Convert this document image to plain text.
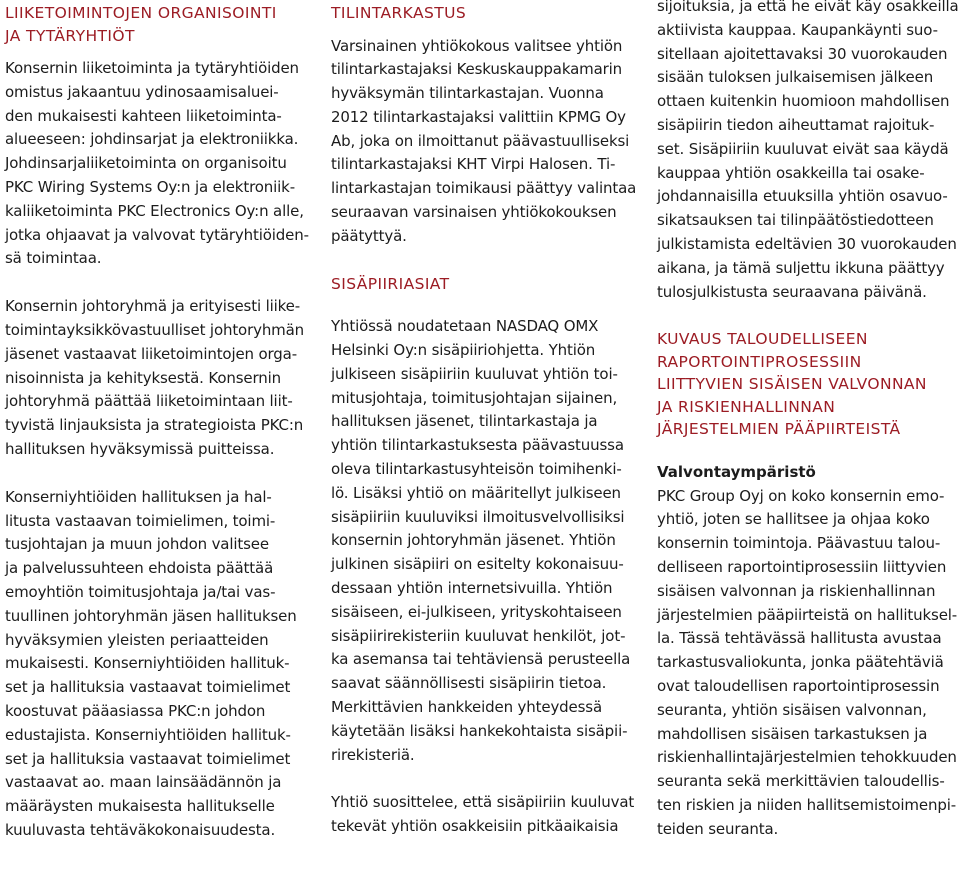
LIIKETOIMINTOJEN ORGANISOINTI
JA TYTÄRYHTIÖT
Konsernin liiketoiminta ja tytäryhtiöiden
omistus jakaantuu ydinosaamisaluei-
den mukaisesti kahteen liiketoiminta-
alueeseen: johdinsarjat ja elektroniikka.
Johdinsarjaliiketoiminta on organisoitu
PKC Wiring Systems Oy:n ja elektroniik-
kaliiketoiminta PKC Electronics Oy:n alle,
jotka ohjaavat ja valvovat tytäryhtiöiden-
sä toimintaa.
Konsernin johtoryhmä ja erityisesti liike-
toimintayksikkövastuulliset johtoryhmän
jäsenet vastaavat liiketoimintojen orga-
nisoinnista ja kehityksestä. Konsernin
johtoryhmä päättää liiketoimintaan liit-
tyvistä linjauksista ja strategioista PKC:n
hallituksen hyväksymissä puitteissa.
Konserniyhtiöiden hallituksen ja hal-
litusta vastaavan toimielimen, toimi-
tusjohtajan ja muun johdon valitsee
ja palvelussuhteen ehdoista päättää
emoyhtiön toimitusjohtaja ja/tai vas-
tuullinen johtoryhmän jäsen hallituksen
hyväksymien yleisten periaatteiden
mukaisesti. Konserniyhtiöiden hallituk-
set ja hallituksia vastaavat toimielimet
koostuvat pääasiassa PKC:n johdon
edustajista. Konserniyhtiöiden hallituk-
set ja hallituksia vastaavat toimielimet
vastaavat ao. maan lainsäädännön ja
määräysten mukaisesta hallitukselle
kuuluvasta tehtäväkokonaisuudesta.
TILINTARKASTUS
Varsinainen yhtiökokous valitsee yhtiön
tilintarkastajaksi Keskuskauppakamarin
hyväksymän tilintarkastajan. Vuonna
2012 tilintarkastajaksi valittiin KPMG Oy
Ab, joka on ilmoittanut päävastuulliseksi
tilintarkastajaksi KHT Virpi Halosen. Ti-
lintarkastajan toimikausi päättyy valintaa
seuraavan varsinaisen yhtiökokouksen
päätyttyä.
SISÄPIIRIASIAT
Yhtiössä noudatetaan NASDAQ OMX
Helsinki Oy:n sisäpiiriohjetta. Yhtiön
julkiseen sisäpiiriin kuuluvat yhtiön toi-
mitusjohtaja, toimitusjohtajan sijainen,
hallituksen jäsenet, tilintarkastaja ja
yhtiön tilintarkastuksesta päävastuussa
oleva tilintarkastusyhteisön toimihenki-
lö. Lisäksi yhtiö on määritellyt julkiseen
sisäpiiriin kuuluviksi ilmoitusvelvollisiksi
konsernin johtoryhmän jäsenet. Yhtiön
julkinen sisäpiiri on esitelty kokonaisuu-
dessaan yhtiön internetsivuilla. Yhtiön
sisäiseen, ei-julkiseen, yrityskohtaiseen
sisäpiirirekisteriin kuuluvat henkilöt, jot-
ka asemansa tai tehtäviensä perusteella
saavat säännöllisesti sisäpiirin tietoa.
Merkittävien hankkeiden yhteydessä
käytetään lisäksi hankekohtaista sisäpii-
rirekisteriä.
Yhtiö suosittelee, että sisäpiiriin kuuluvat
tekevät yhtiön osakkeisiin pitkäaikaisia
sijoituksia, ja että he eivät käy osakkeilla
aktiivista kauppaa. Kaupankäynti suo-
sitellaan ajoitettavaksi 30 vuorokauden
sisään tuloksen julkaisemisen jälkeen
ottaen kuitenkin huomioon mahdollisen
sisäpiirin tiedon aiheuttamat rajoituk-
set. Sisäpiiriin kuuluvat eivät saa käydä
kauppaa yhtiön osakkeilla tai osake-
johdannaisilla etuuksilla yhtiön osavuo-
sikatsauksen tai tilinpäätöstiedotteen
julkistamista edeltävien 30 vuorokauden
aikana, ja tämä suljettu ikkuna päättyy
tulosjulkistusta seuraavana päivänä.
KUVAUS TALOUDELLISEEN
RAPORTOINTIPROSESSIIN
LIITTYVIEN SISÄISEN VALVONNAN
JA RISKIENHALLINNAN
JÄRJESTELMIEN PÄÄPIIRTEISTÄ
Valvontaympäristö
PKC Group Oyj on koko konsernin emo-
yhtiö, joten se hallitsee ja ohjaa koko
konsernin toimintoja. Päävastuu talou-
delliseen raportointiprosessiin liittyvien
sisäisen valvonnan ja riskienhallinnan
järjestelmien pääpiirteistä on hallituksel-
la. Tässä tehtävässä hallitusta avustaa
tarkastusvaliokunta, jonka päätehtäviä
ovat taloudellisen raportointiprosessin
seuranta, yhtiön sisäisen valvonnan,
mahdollisen sisäisen tarkastuksen ja
riskienhallintajärjestelmien tehokkuuden
seuranta sekä merkittävien taloudellis-
ten riskien ja niiden hallitsemistoimenpi-
teiden seuranta.
